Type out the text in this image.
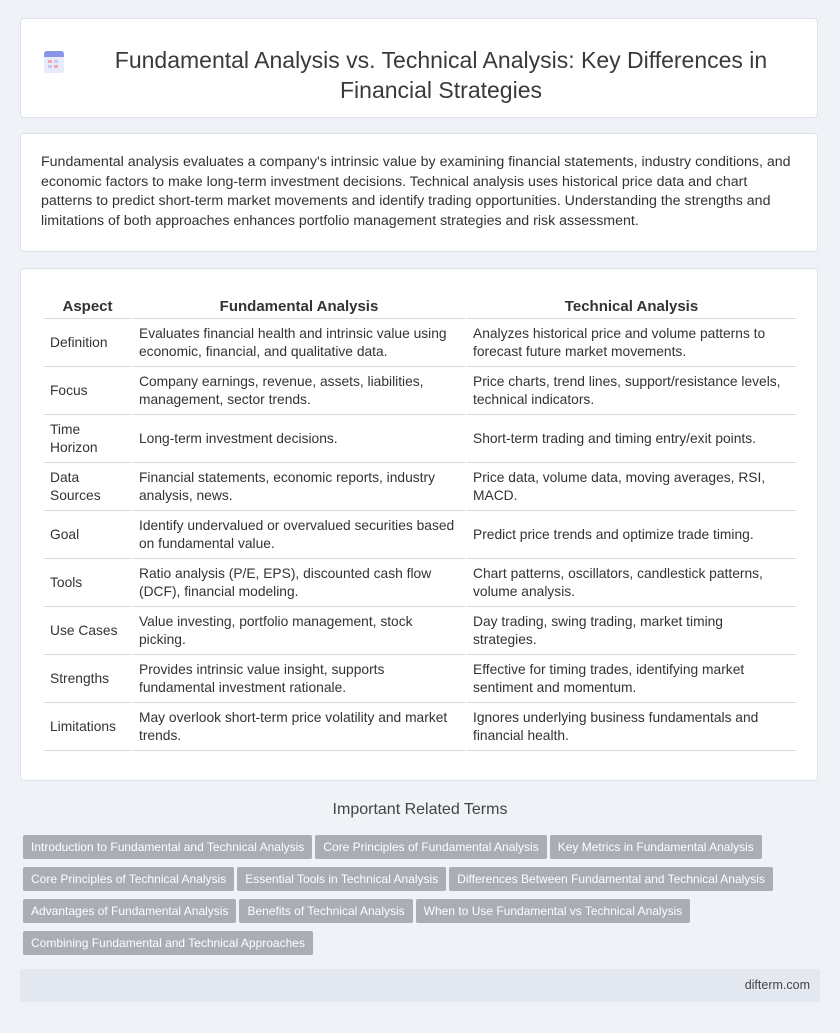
Fundamental Analysis vs. Technical Analysis: Key Differences in Financial Strategies

Fundamental analysis evaluates a company's intrinsic value by examining financial statements, industry conditions, and economic factors to make long-term investment decisions. Technical analysis uses historical price data and chart patterns to predict short-term market movements and identify trading opportunities. Understanding the strengths and limitations of both approaches enhances portfolio management strategies and risk assessment.

Aspect	Fundamental Analysis	Technical Analysis
Definition	Evaluates financial health and intrinsic value using economic, financial, and qualitative data.	Analyzes historical price and volume patterns to forecast future market movements.
Focus	Company earnings, revenue, assets, liabilities, management, sector trends.	Price charts, trend lines, support/resistance levels, technical indicators.
Time Horizon	Long-term investment decisions.	Short-term trading and timing entry/exit points.
Data Sources	Financial statements, economic reports, industry analysis, news.	Price data, volume data, moving averages, RSI, MACD.
Goal	Identify undervalued or overvalued securities based on fundamental value.	Predict price trends and optimize trade timing.
Tools	Ratio analysis (P/E, EPS), discounted cash flow (DCF), financial modeling.	Chart patterns, oscillators, candlestick patterns, volume analysis.
Use Cases	Value investing, portfolio management, stock picking.	Day trading, swing trading, market timing strategies.
Strengths	Provides intrinsic value insight, supports fundamental investment rationale.	Effective for timing trades, identifying market sentiment and momentum.
Limitations	May overlook short-term price volatility and market trends.	Ignores underlying business fundamentals and financial health.
Important Related Terms
Introduction to Fundamental and Technical Analysis Core Principles of Fundamental Analysis Key Metrics in Fundamental AnalysisCore Principles of Technical Analysis Essential Tools in Technical Analysis Differences Between Fundamental and Technical AnalysisAdvantages of Fundamental Analysis Benefits of Technical Analysis When to Use Fundamental vs Technical AnalysisCombining Fundamental and Technical Approaches
difterm.com
